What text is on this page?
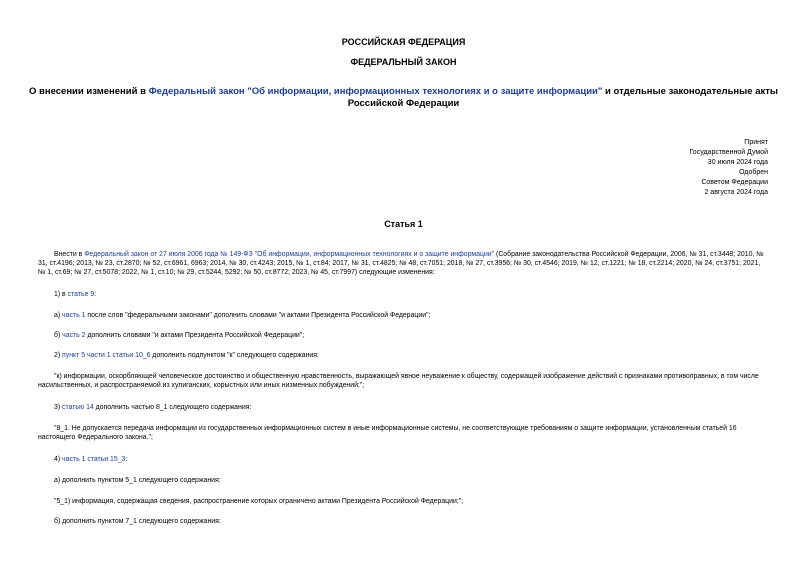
РОССИЙСКАЯ ФЕДЕРАЦИЯ
ФЕДЕРАЛЬНЫЙ ЗАКОН
О внесении изменений в Федеральный закон "Об информации, информационных технологиях и о защите информации" и отдельные законодательные акты
Российской Федерации
Принят
Государственной Думой
30 июля 2024 года
Одобрен
Советом Федерации
2 августа 2024 года
Статья 1
Внести в Федеральный закон от 27 июля 2006 года № 149-ФЗ "Об информации, информационных технологиях и о защите информации" (Собрание законодательства Российской Федерации, 2006, № 31, ст.3448; 2010, № 31, ст.4196; 2013, № 23, ст.2870; № 52, ст.6961, 6963; 2014, № 30, ст.4243; 2015, № 1, ст.84; 2017, № 31, ст.4825; № 48, ст.7051; 2018, № 27, ст.3956; № 30, ст.4546; 2019, № 12, ст.1221; № 18, ст.2214; 2020, № 24, ст.3751; 2021, № 1, ст.69; № 27, ст.5078; 2022, № 1, ст.10; № 29, ст.5244, 5292; № 50, ст.8772; 2023, № 45, ст.7997) следующие изменения:
1) в статье 9:
а) часть 1 после слов "федеральными законами" дополнить словами "и актами Президента Российской Федерации";
б) часть 2 дополнить словами "и актами Президента Российской Федерации";
2) пункт 5 части 1 статьи 10_6 дополнить подпунктом "к" следующего содержания:
"к) информации, оскорбляющей человеческое достоинство и общественную нравственность, выражающей явное неуважение к обществу, содержащей изображение действий с признаками противоправных, в том числе насильственных, и распространяемой из хулиганских, корыстных или иных низменных побуждений;";
3) статью 14 дополнить частью 8_1 следующего содержания:
"8_1. Не допускается передача информации из государственных информационных систем в иные информационные системы, не соответствующие требованиям о защите информации, установленным статьей 16 настоящего Федерального закона.";
4) часть 1 статьи 15_3:
а) дополнить пунктом 5_1 следующего содержания:
"5_1) информация, содержащая сведения, распространение которых ограничено актами Президента Российской Федерации;";
б) дополнить пунктом 7_1 следующего содержания:
